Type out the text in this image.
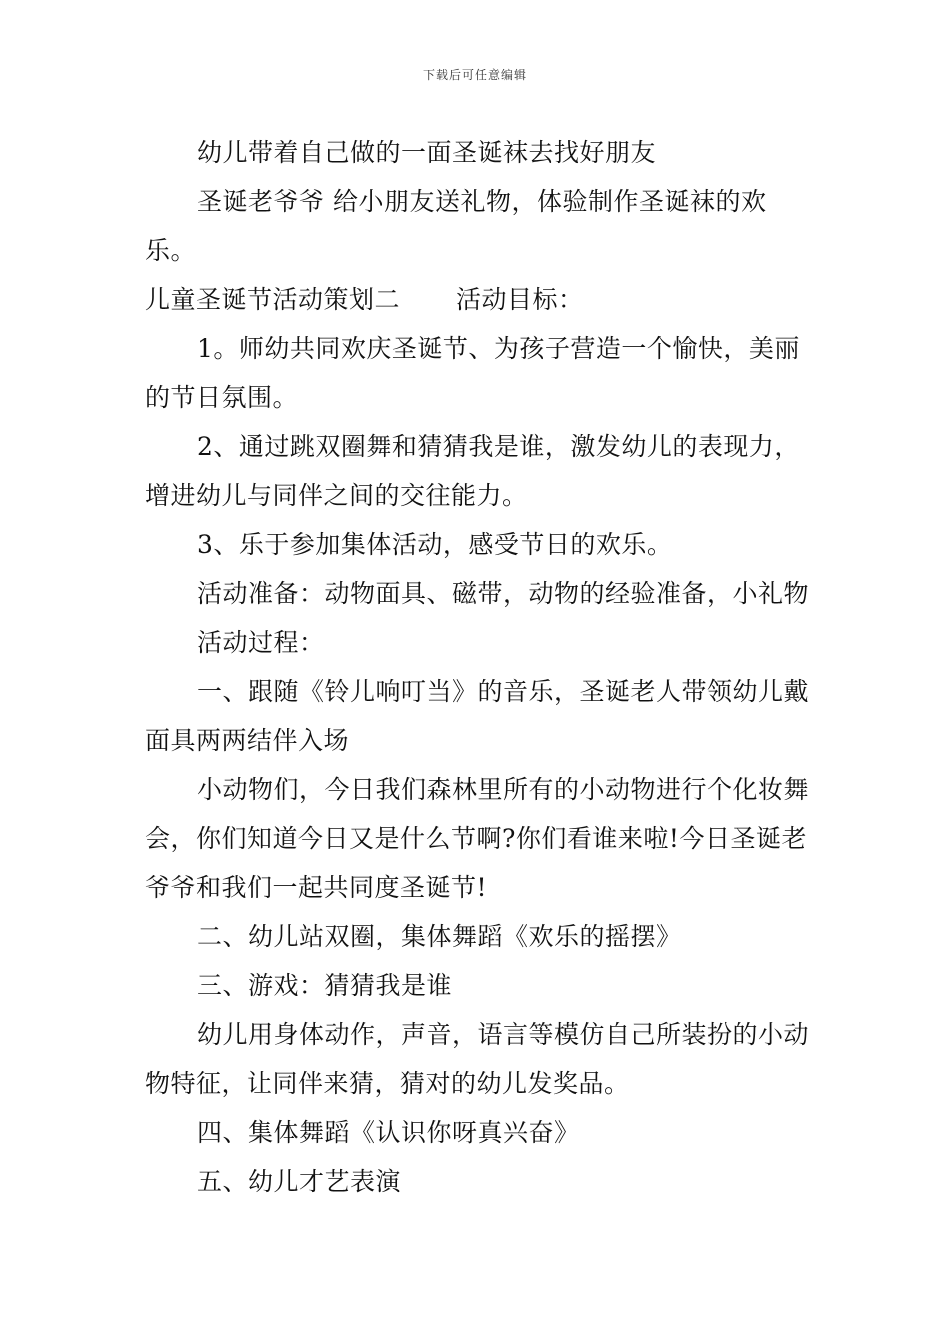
下载后可任意编辑

幼儿带着自己做的一面圣诞袜去找好朋友

圣诞老爷爷 给小朋友送礼物，体验制作圣诞袜的欢乐。

儿童圣诞节活动策划二 活动目标：

1。师幼共同欢庆圣诞节、为孩子营造一个愉快，美丽的节日氛围。

2、通过跳双圈舞和猜猜我是谁，激发幼儿的表现力，增进幼儿与同伴之间的交往能力。

3、乐于参加集体活动，感受节日的欢乐。

活动准备：动物面具、磁带，动物的经验准备，小礼物

活动过程：

一、跟随《铃儿响叮当》的音乐，圣诞老人带领幼儿戴面具两两结伴入场

小动物们，今日我们森林里所有的小动物进行个化妆舞会，你们知道今日又是什么节啊?你们看谁来啦!今日圣诞老爷爷和我们一起共同度圣诞节!

二、幼儿站双圈，集体舞蹈《欢乐的摇摆》

三、游戏：猜猜我是谁

幼儿用身体动作，声音，语言等模仿自己所装扮的小动物特征，让同伴来猜，猜对的幼儿发奖品。

四、集体舞蹈《认识你呀真兴奋》

五、幼儿才艺表演
